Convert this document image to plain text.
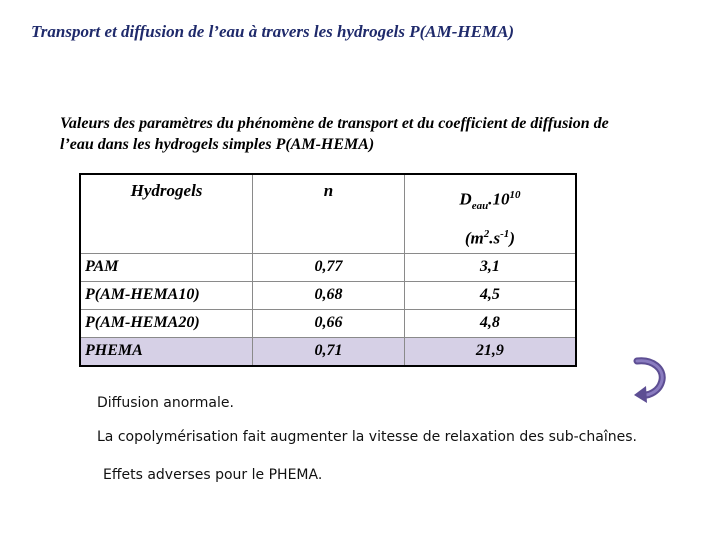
Transport et diffusion de l’eau à travers les hydrogels P(AM-HEMA)
Valeurs des paramètres du phénomène de transport et du coefficient de diffusion de l’eau dans les hydrogels simples P(AM-HEMA)
Hydrogels	n	$D_{eau}.10^{10}$
$(m^2.s^{-1})$
PAM	0,77	3,1
P(AM-HEMA10)	0,68	4,5
P(AM-HEMA20)	0,66	4,8
PHEMA	0,71	21,9
Diffusion anormale.
La copolymérisation fait augmenter la vitesse de relaxation des sub-chaînes.
Effets adverses pour le PHEMA.
